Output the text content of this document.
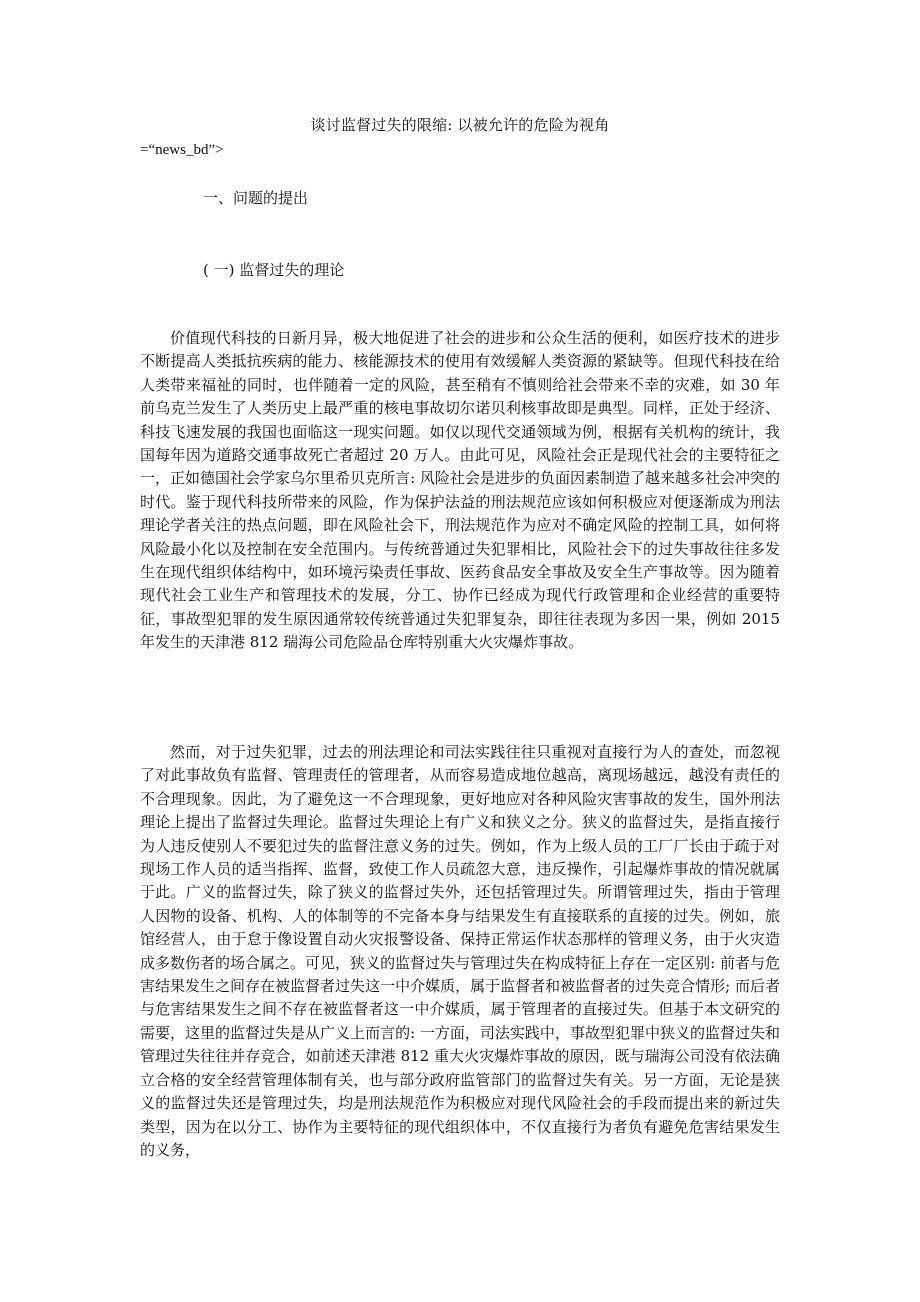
谈讨监督过失的限缩: 以被允许的危险为视角
=“news_bd”>
一、问题的提出
( 一) 监督过失的理论

价值现代科技的日新月异，极大地促进了社会的进步和公众生活的便利，如医疗技术的进步不断提高人类抵抗疾病的能力、核能源技术的使用有效缓解人类资源的紧缺等。但现代科技在给人类带来福祉的同时，也伴随着一定的风险，甚至稍有不慎则给社会带来不幸的灾难，如 30 年前乌克兰发生了人类历史上最严重的核电事故切尔诺贝利核事故即是典型。同样，正处于经济、科技飞速发展的我国也面临这一现实问题。如仅以现代交通领域为例，根据有关机构的统计，我国每年因为道路交通事故死亡者超过 20 万人。由此可见，风险社会正是现代社会的主要特征之一，正如德国社会学家乌尔里希贝克所言: 风险社会是进步的负面因素制造了越来越多社会冲突的时代。鉴于现代科技所带来的风险，作为保护法益的刑法规范应该如何积极应对便逐渐成为刑法理论学者关注的热点问题，即在风险社会下，刑法规范作为应对不确定风险的控制工具，如何将风险最小化以及控制在安全范围内。与传统普通过失犯罪相比，风险社会下的过失事故往往多发生在现代组织体结构中，如环境污染责任事故、医药食品安全事故及安全生产事故等。因为随着现代社会工业生产和管理技术的发展，分工、协作已经成为现代行政管理和企业经营的重要特征，事故型犯罪的发生原因通常较传统普通过失犯罪复杂，即往往表现为多因一果，例如 2015 年发生的天津港 812 瑞海公司危险品仓库特别重大火灾爆炸事故。

然而，对于过失犯罪，过去的刑法理论和司法实践往往只重视对直接行为人的查处，而忽视了对此事故负有监督、管理责任的管理者，从而容易造成地位越高，离现场越远，越没有责任的不合理现象。因此，为了避免这一不合理现象，更好地应对各种风险灾害事故的发生，国外刑法理论上提出了监督过失理论。监督过失理论上有广义和狭义之分。狭义的监督过失，是指直接行为人违反使别人不要犯过失的监督注意义务的过失。例如，作为上级人员的工厂厂长由于疏于对现场工作人员的适当指挥、监督，致使工作人员疏忽大意，违反操作，引起爆炸事故的情况就属于此。广义的监督过失，除了狭义的监督过失外，还包括管理过失。所谓管理过失，指由于管理人因物的设备、机构、人的体制等的不完备本身与结果发生有直接联系的直接的过失。例如，旅馆经营人，由于怠于像设置自动火灾报警设备、保持正常运作状态那样的管理义务，由于火灾造成多数伤者的场合属之。可见，狭义的监督过失与管理过失在构成特征上存在一定区别: 前者与危害结果发生之间存在被监督者过失这一中介媒质，属于监督者和被监督者的过失竞合情形; 而后者与危害结果发生之间不存在被监督者这一中介媒质，属于管理者的直接过失。但基于本文研究的需要，这里的监督过失是从广义上而言的: 一方面，司法实践中，事故型犯罪中狭义的监督过失和管理过失往往并存竞合，如前述天津港 812 重大火灾爆炸事故的原因，既与瑞海公司没有依法确立合格的安全经营管理体制有关，也与部分政府监管部门的监督过失有关。另一方面，无论是狭义的监督过失还是管理过失，均是刑法规范作为积极应对现代风险社会的手段而提出来的新过失类型，因为在以分工、协作为主要特征的现代组织体中，不仅直接行为者负有避免危害结果发生的义务，
